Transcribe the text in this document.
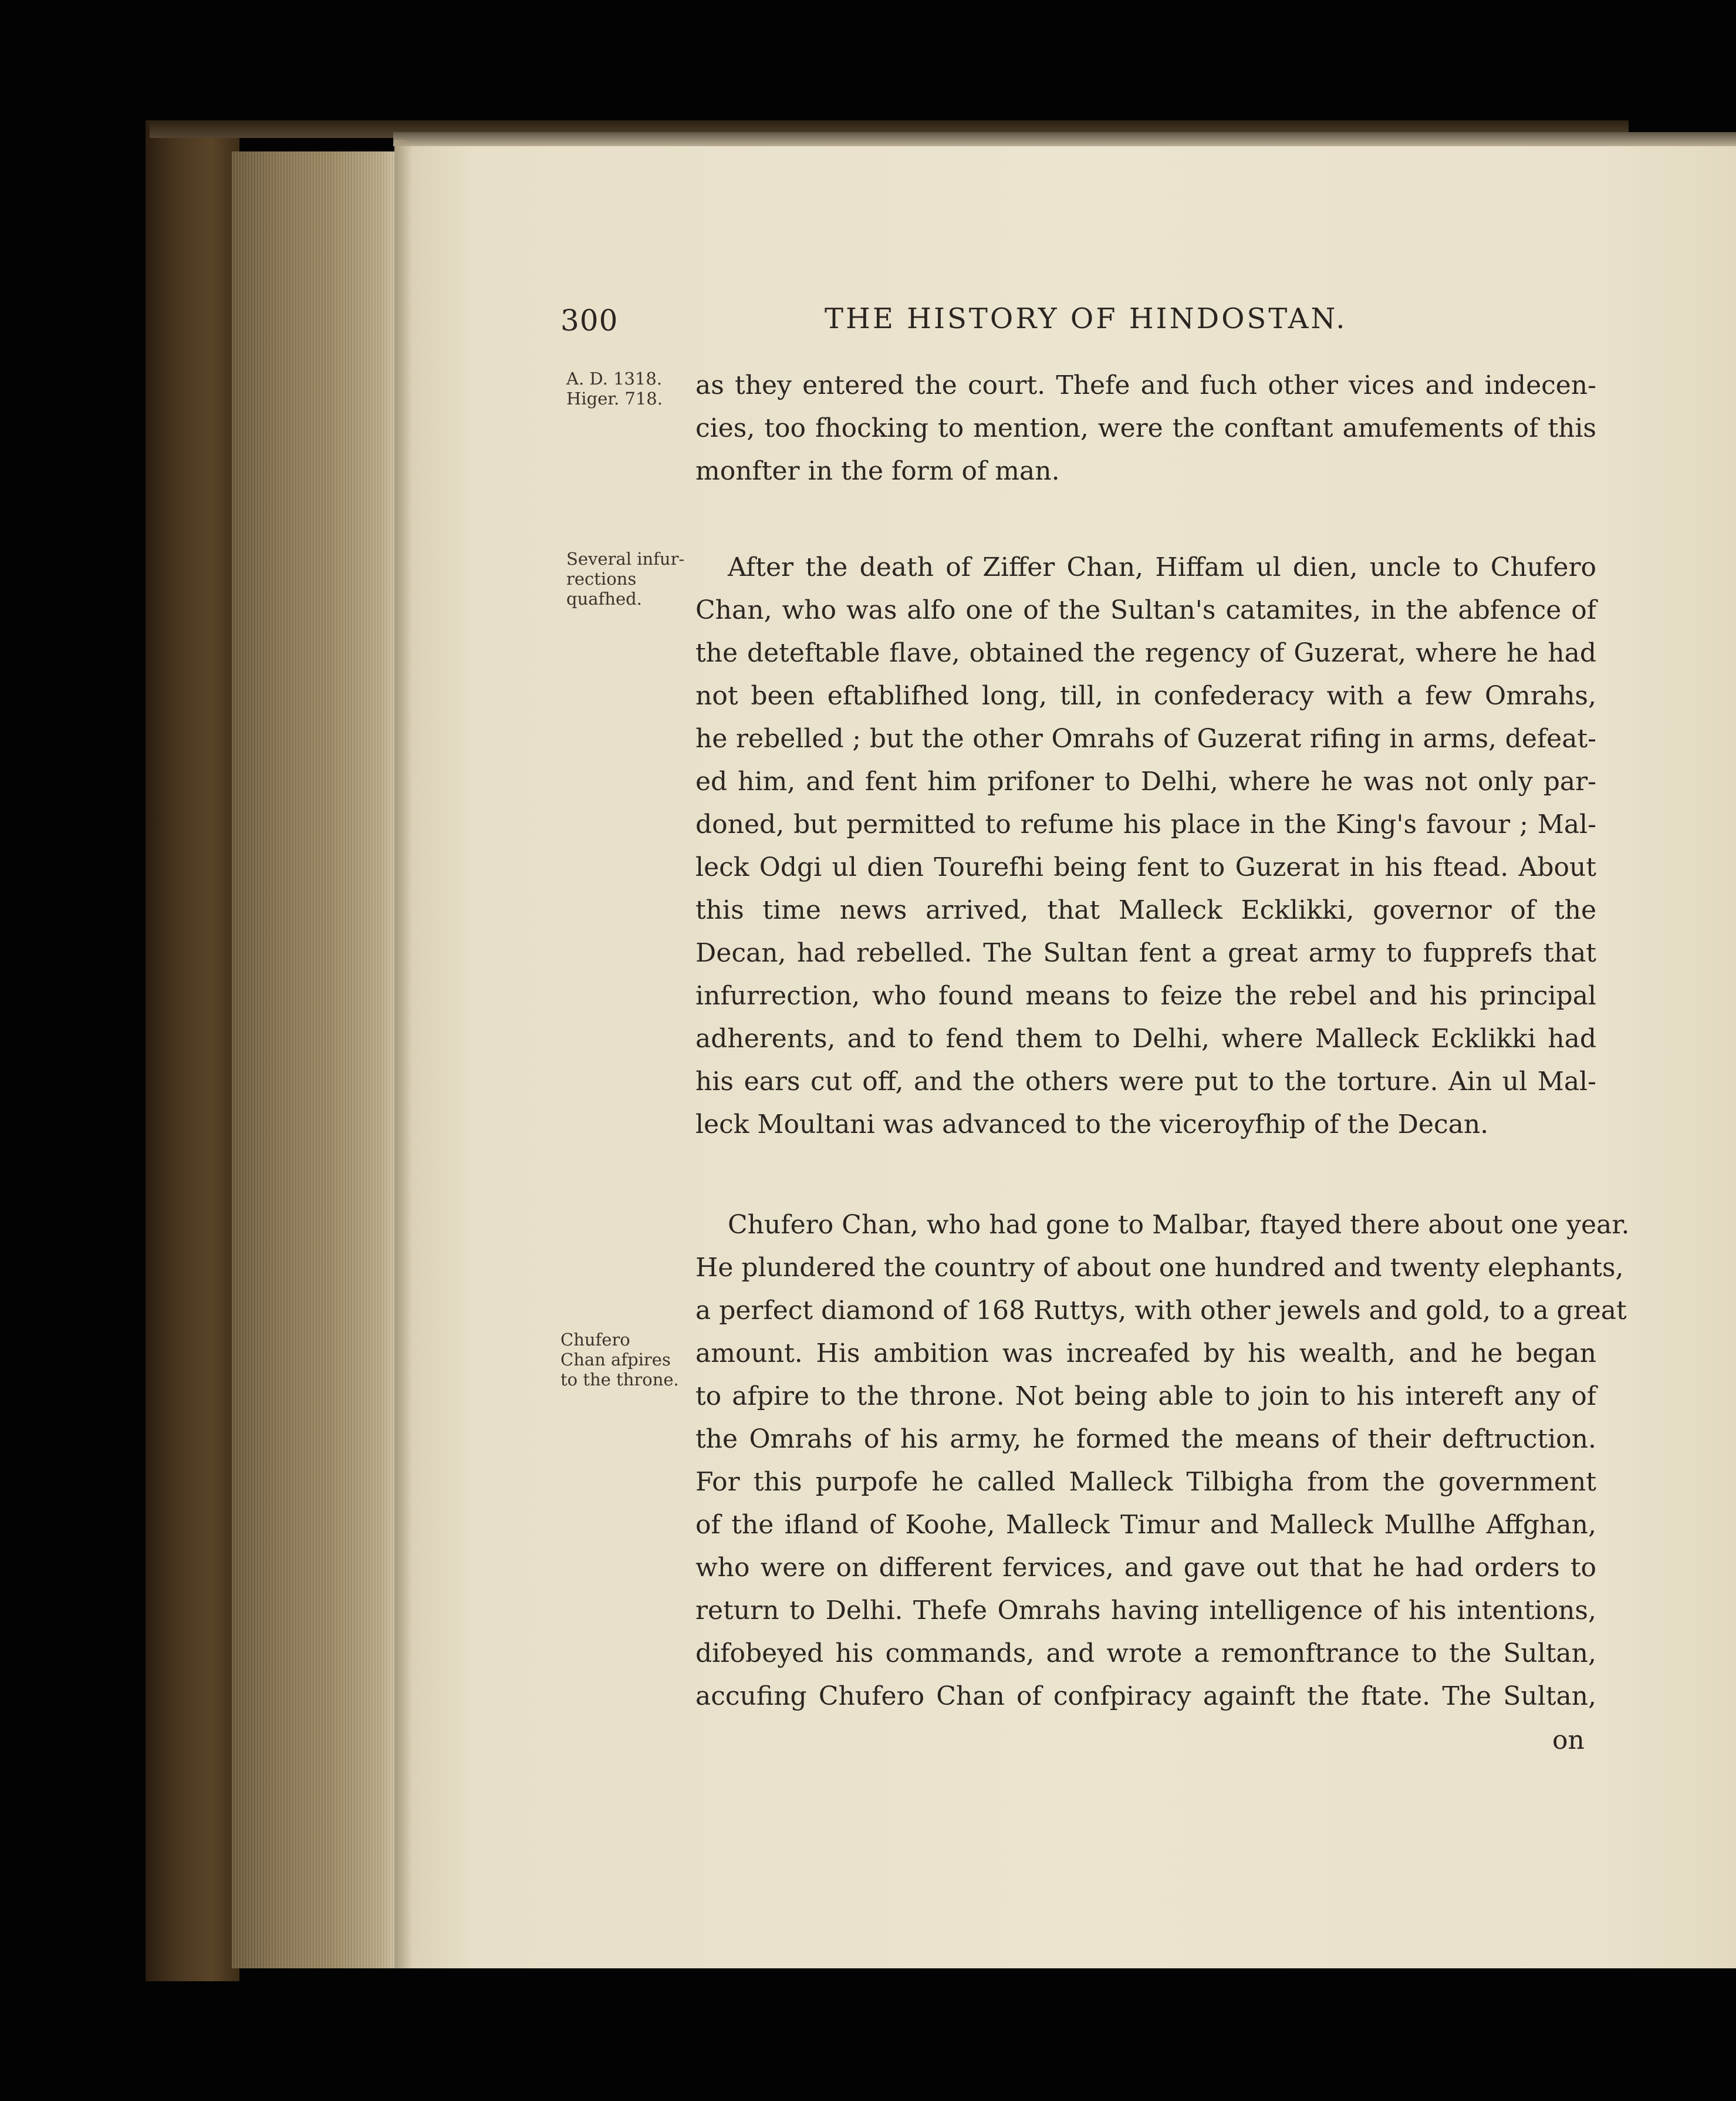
300	THE HISTORY OF HINDOSTAN.
A. D. 1318.
Higer. 718.
Several infur-
rections
quafhed.
Chufero
Chan afpires
to the throne.
as they entered the court. Thefe and fuch other vices and indecen-
cies, too fhocking to mention, were the conftant amufements of this
monfter in the form of man.
After the death of Ziffer Chan, Hiffam ul dien, uncle to Chufero
Chan, who was alfo one of the Sultan's catamites, in the abfence of
the deteftable flave, obtained the regency of Guzerat, where he had
not been eftablifhed long, till, in confederacy with a few Omrahs,
he rebelled ; but the other Omrahs of Guzerat rifing in arms, defeat-
ed him, and fent him prifoner to Delhi, where he was not only par-
doned, but permitted to refume his place in the King's favour ; Mal-
leck Odgi ul dien Tourefhi being fent to Guzerat in his ftead. About
this time news arrived, that Malleck Ecklikki, governor of the
Decan, had rebelled. The Sultan fent a great army to fupprefs that
infurrection, who found means to feize the rebel and his principal
adherents, and to fend them to Delhi, where Malleck Ecklikki had
his ears cut off, and the others were put to the torture. Ain ul Mal-
leck Moultani was advanced to the viceroyfhip of the Decan.
Chufero Chan, who had gone to Malbar, ftayed there about one year.
He plundered the country of about one hundred and twenty elephants,
a perfect diamond of 168 Ruttys, with other jewels and gold, to a great
amount. His ambition was increafed by his wealth, and he began
to afpire to the throne. Not being able to join to his intereft any of
the Omrahs of his army, he formed the means of their deftruction.
For this purpofe he called Malleck Tilbigha from the government
of the ifland of Koohe, Malleck Timur and Malleck Mullhe Affghan,
who were on different fervices, and gave out that he had orders to
return to Delhi. Thefe Omrahs having intelligence of his intentions,
difobeyed his commands, and wrote a remonftrance to the Sultan,
accufing Chufero Chan of confpiracy againft the ftate. The Sultan,
on
